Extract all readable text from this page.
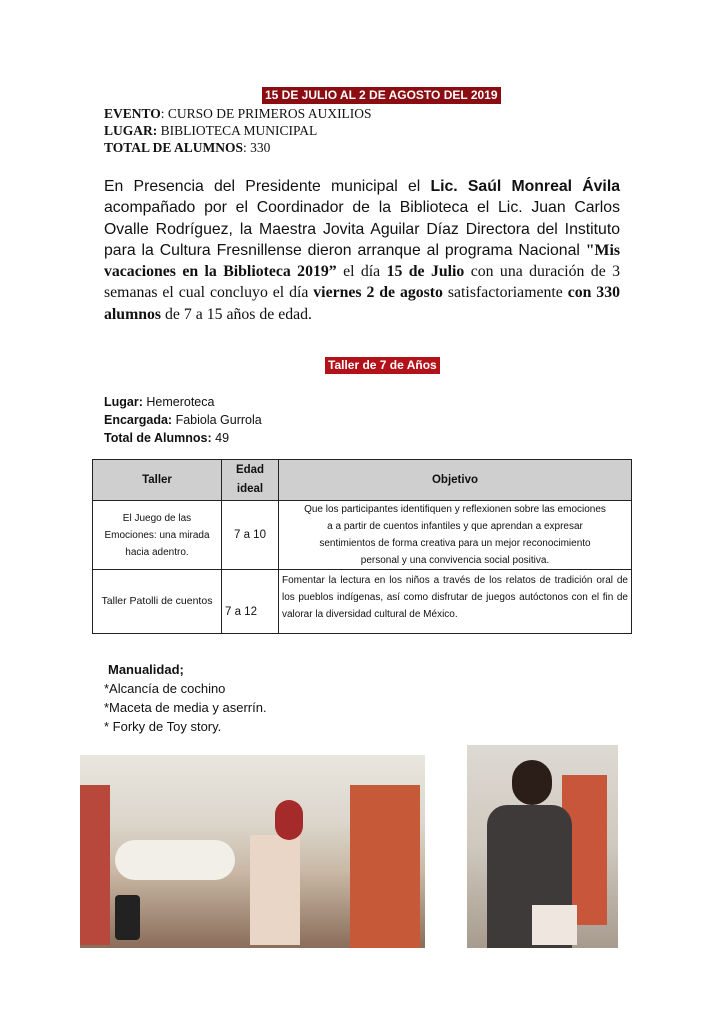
15 DE JULIO AL 2 DE AGOSTO DEL 2019
EVENTO: CURSO DE PRIMEROS AUXILIOS
LUGAR: BIBLIOTECA MUNICIPAL
TOTAL DE ALUMNOS: 330
En Presencia del Presidente municipal el Lic. Saúl Monreal Ávila acompañado por el Coordinador de la Biblioteca el Lic. Juan Carlos Ovalle Rodríguez, la Maestra Jovita Aguilar Díaz Directora del Instituto para la Cultura Fresnillense dieron arranque al programa Nacional "Mis vacaciones en la Biblioteca 2019” el día 15 de Julio con una duración de 3 semanas el cual concluyo el día viernes 2 de agosto satisfactoriamente con 330 alumnos de 7 a 15 años de edad.
Taller de 7 de Años
Lugar: Hemeroteca
Encargada: Fabiola Gurrola
Total de Alumnos: 49
Taller	Edad ideal	Objetivo
El Juego de las Emociones: una mirada hacia adentro.	7 a 10	Que los participantes identifiquen y reflexionen sobre las emociones a a partir de cuentos infantiles y que aprendan a expresar sentimientos de forma creativa para un mejor reconocimiento personal y una convivencia social positiva.
Taller Patolli de cuentos	7 a 12	Fomentar la lectura en los niños a través de los relatos de tradición oral de los pueblos indígenas, así como disfrutar de juegos autóctonos con el fin de valorar la diversidad cultural de México.
Manualidad;
*Alcancía de cochino
*Maceta de media y aserrín.
* Forky de Toy story.
